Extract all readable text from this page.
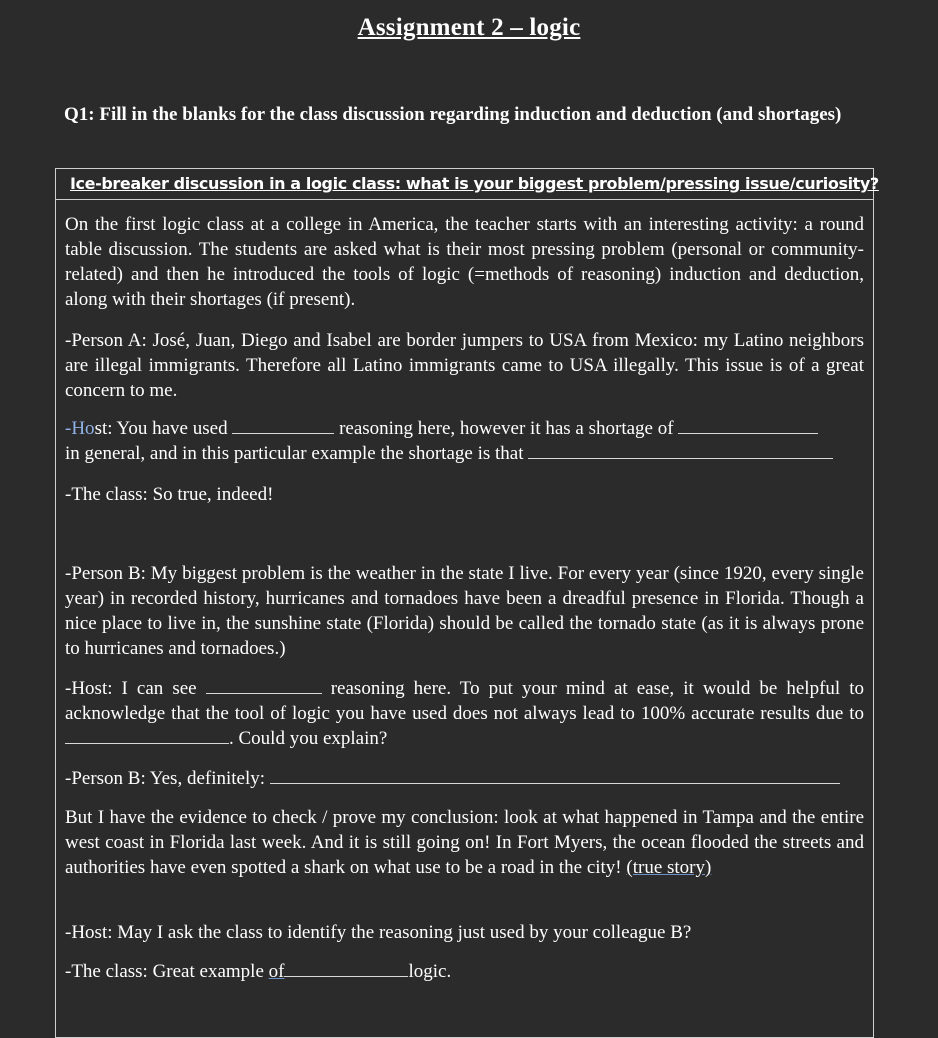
Assignment 2 – logic
Q1: Fill in the blanks for the class discussion regarding induction and deduction (and shortages)
Ice-breaker discussion in a logic class: what is your biggest problem/pressing issue/curiosity?
On the first logic class at a college in America, the teacher starts with an interesting activity: a round table discussion. The students are asked what is their most pressing problem (personal or community-related) and then he introduced the tools of logic (=methods of reasoning) induction and deduction, along with their shortages (if present).
-Person A: José, Juan, Diego and Isabel are border jumpers to USA from Mexico: my Latino neighbors are illegal immigrants. Therefore all Latino immigrants came to USA illegally. This issue is of a great concern to me.
-Host: You have used	reasoning here, however it has a shortage of
in general, and in this particular example the shortage is that
-The class: So true, indeed!
-Person B: My biggest problem is the weather in the state I live. For every year (since 1920, every single year) in recorded history, hurricanes and tornadoes have been a dreadful presence in Florida. Though a nice place to live in, the sunshine state (Florida) should be called the tornado state (as it is always prone to hurricanes and tornadoes.)
-Host: I can see	reasoning here. To put your mind at ease, it would be helpful to acknowledge that the tool of logic you have used does not always lead to 100% accurate results due to . Could you explain?
-Person B: Yes, definitely:
But I have the evidence to check / prove my conclusion: look at what happened in Tampa and the entire west coast in Florida last week. And it is still going on! In Fort Myers, the ocean flooded the streets and authorities have even spotted a shark on what use to be a road in the city! (true story)
-Host: May I ask the class to identify the reasoning just used by your colleague B?
-The class: Great example of	logic.
